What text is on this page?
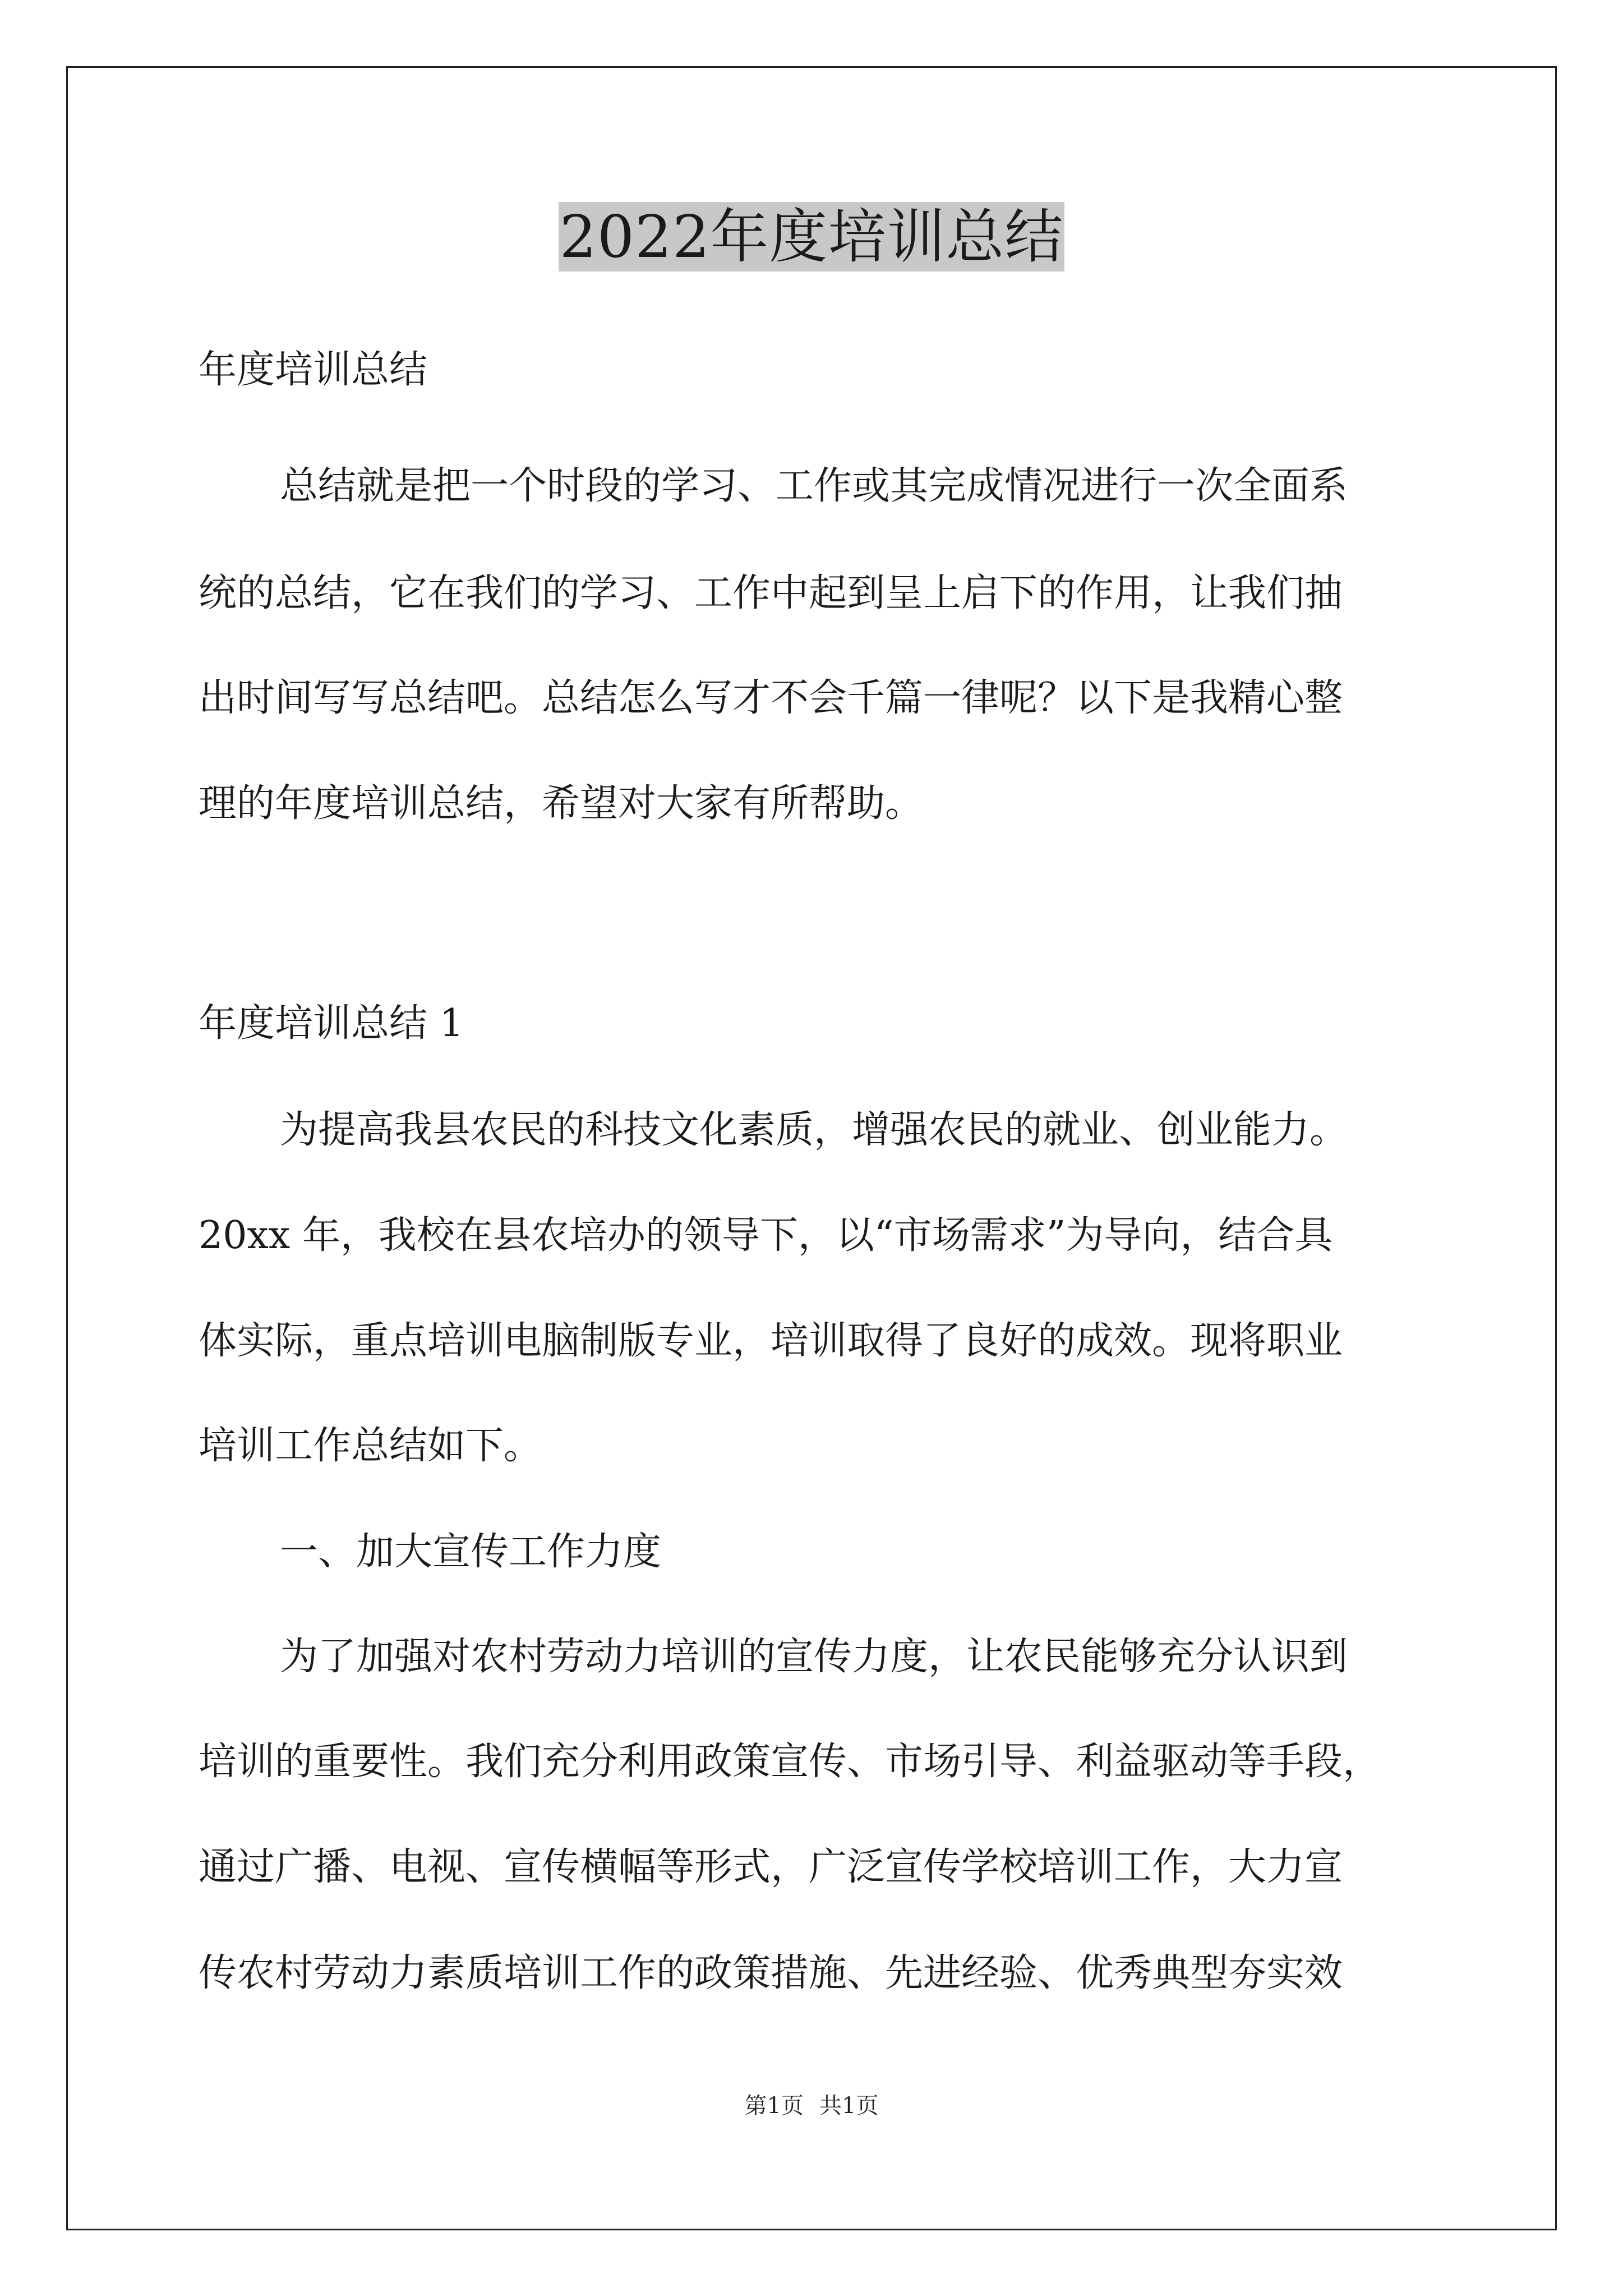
2022年度培训总结
年度培训总结
总结就是把一个时段的学习、工作或其完成情况进行一次全面系
统的总结，它在我们的学习、工作中起到呈上启下的作用，让我们抽
出时间写写总结吧。总结怎么写才不会千篇一律呢？以下是我精心整
理的年度培训总结，希望对大家有所帮助。
年度培训总结 1
为提高我县农民的科技文化素质，增强农民的就业、创业能力。
20xx 年，我校在县农培办的领导下，以“市场需求”为导向，结合具
体实际，重点培训电脑制版专业，培训取得了良好的成效。现将职业
培训工作总结如下。
一、加大宣传工作力度
为了加强对农村劳动力培训的宣传力度，让农民能够充分认识到
培训的重要性。我们充分利用政策宣传、市场引导、利益驱动等手段，
通过广播、电视、宣传横幅等形式，广泛宣传学校培训工作，大力宣
传农村劳动力素质培训工作的政策措施、先进经验、优秀典型夯实效
第1页 共1页
